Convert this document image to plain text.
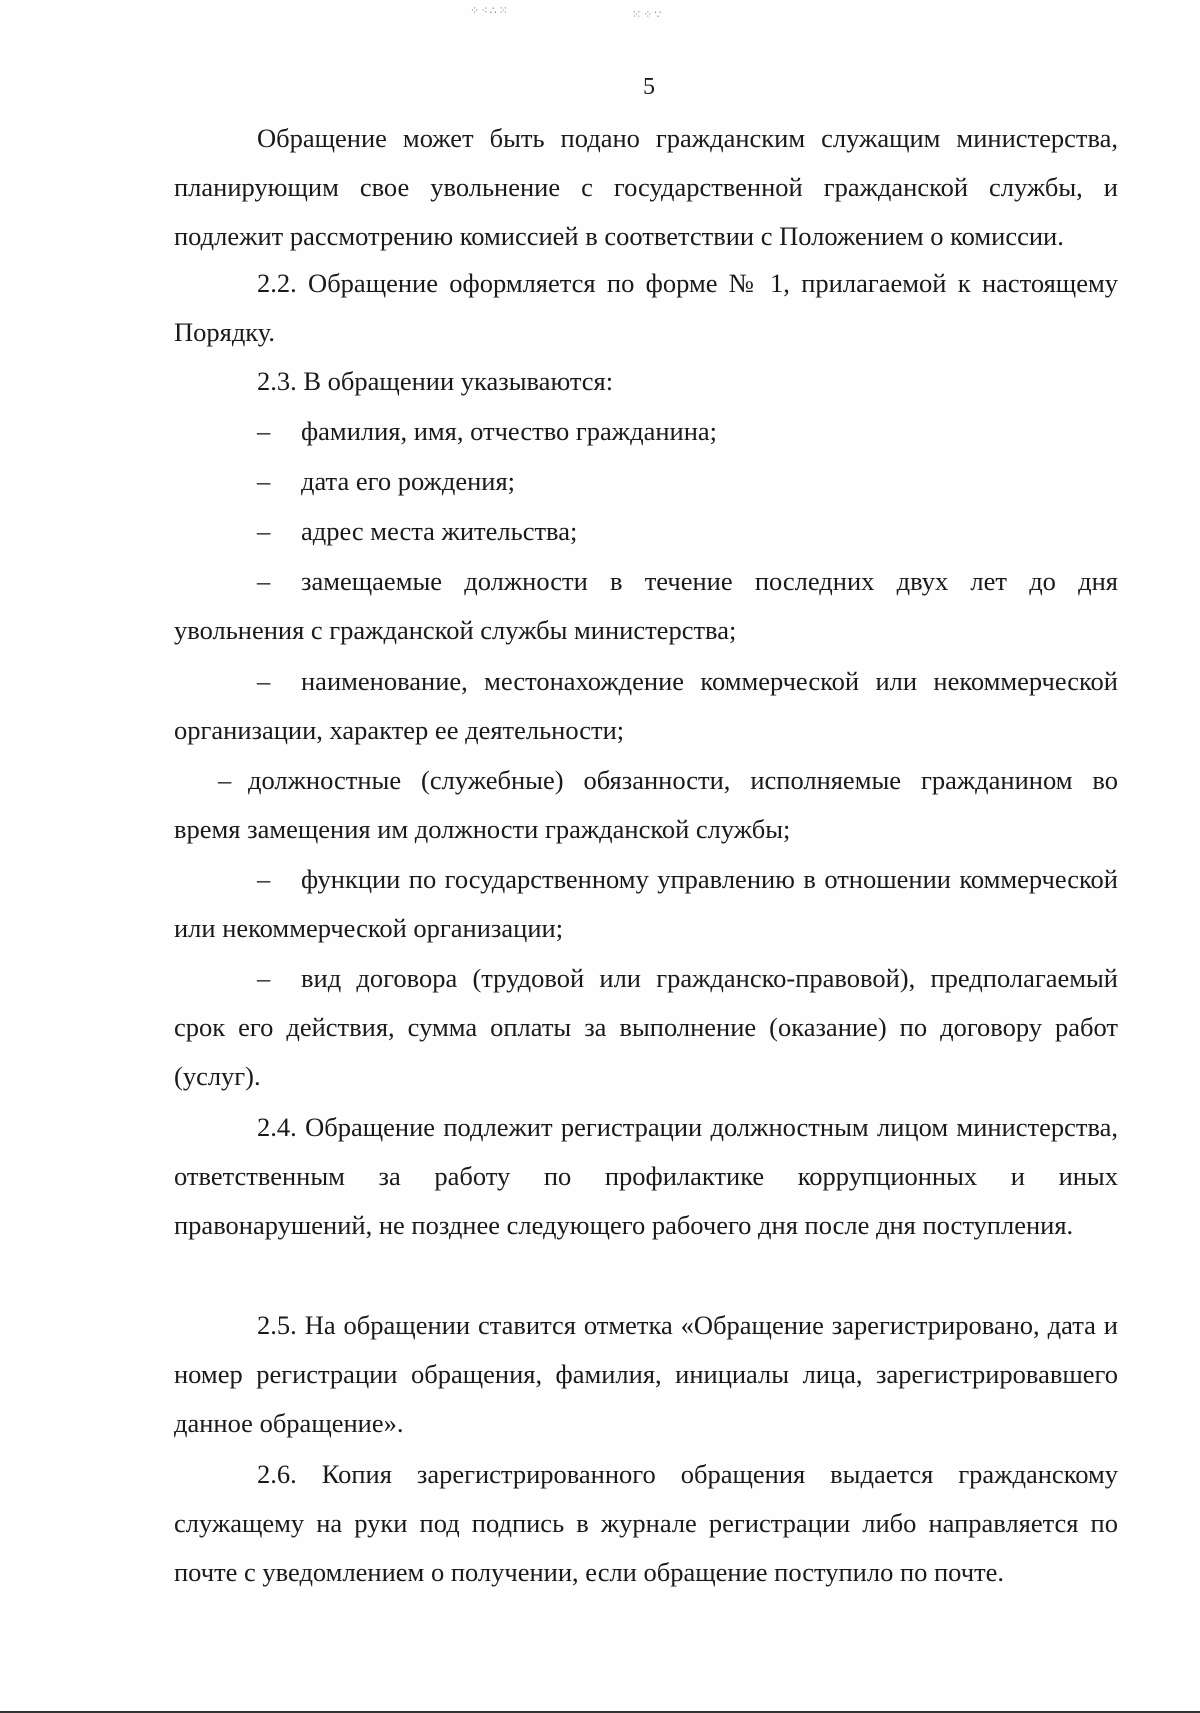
⁘⁖∴⁙	⁙⁘∵
5

Обращение может быть подано гражданским служащим министерства, планирующим свое увольнение с государственной гражданской службы, и подлежит рассмотрению комиссией в соответствии с Положением о комиссии.

2.2. Обращение оформляется по форме № 1, прилагаемой к настоящему Порядку.

2.3. В обращении указываются:

– фамилия, имя, отчество гражданина;

– дата его рождения;

– адрес места жительства;

– замещаемые должности в течение последних двух лет до дня увольнения с гражданской службы министерства;

– наименование, местонахождение коммерческой или некоммерческой организации, характер ее деятельности;

– должностные (служебные) обязанности, исполняемые гражданином во время замещения им должности гражданской службы;

– функции по государственному управлению в отношении коммерческой или некоммерческой организации;

– вид договора (трудовой или гражданско-правовой), предполагаемый срок его действия, сумма оплаты за выполнение (оказание) по договору работ (услуг).

2.4. Обращение подлежит регистрации должностным лицом министерства, ответственным за работу по профилактике коррупционных и иных правонарушений, не позднее следующего рабочего дня после дня поступления.

2.5. На обращении ставится отметка «Обращение зарегистрировано, дата и номер регистрации обращения, фамилия, инициалы лица, зарегистрировавшего данное обращение».

2.6. Копия зарегистрированного обращения выдается гражданскому служащему на руки под подпись в журнале регистрации либо направляется по почте с уведомлением о получении, если обращение поступило по почте.
